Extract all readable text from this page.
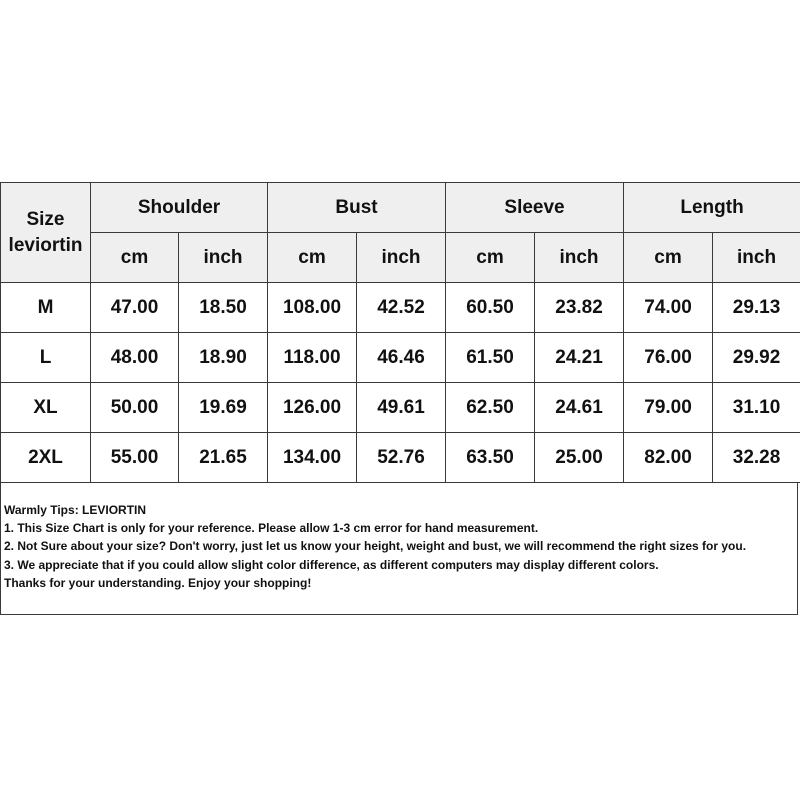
Size
leviortin	Shoulder		Bust		Sleeve		Length	
	cm	inch	cm	inch	cm	inch	cm	inch
M	47.00	18.50	108.00	42.52	60.50	23.82	74.00	29.13
L	48.00	18.90	118.00	46.46	61.50	24.21	76.00	29.92
XL	50.00	19.69	126.00	49.61	62.50	24.61	79.00	31.10
2XL	55.00	21.65	134.00	52.76	63.50	25.00	82.00	32.28
Warmly Tips: LEVIORTIN
1. This Size Chart is only for your reference. Please allow 1-3 cm error for hand measurement.
2. Not Sure about your size? Don't worry, just let us know your height, weight and bust, we will recommend the right sizes for you.
3. We appreciate that if you could allow slight color difference, as different computers may display different colors.
Thanks for your understanding. Enjoy your shopping!
